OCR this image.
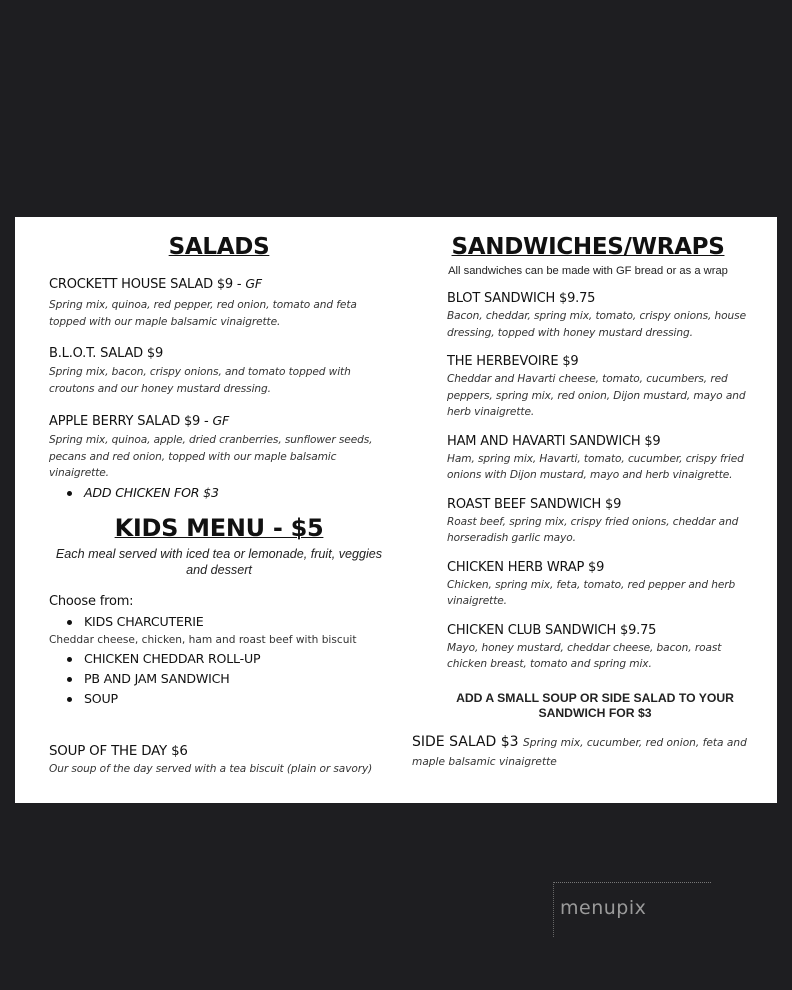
SALADS

CROCKETT HOUSE SALAD $9 - GF

Spring mix, quinoa, red pepper, red onion, tomato and feta topped with our maple balsamic vinaigrette.

B.L.O.T. SALAD $9

Spring mix, bacon, crispy onions, and tomato topped with croutons and our honey mustard dressing.

APPLE BERRY SALAD $9 - GF

Spring mix, quinoa, apple, dried cranberries, sunflower seeds, pecans and red onion, topped with our maple balsamic vinaigrette.

ADD CHICKEN FOR $3
KIDS MENU - $5

Each meal served with iced tea or lemonade, fruit, veggies and dessert

Choose from:

KIDS CHARCUTERIE

Cheddar cheese, chicken, ham and roast beef with biscuit

CHICKEN CHEDDAR ROLL-UP
PB AND JAM SANDWICH
SOUP

SOUP OF THE DAY $6

Our soup of the day served with a tea biscuit (plain or savory)

SANDWICHES/WRAPS

All sandwiches can be made with GF bread or as a wrap

BLOT SANDWICH $9.75

Bacon, cheddar, spring mix, tomato, crispy onions, house dressing, topped with honey mustard dressing.

THE HERBEVOIRE $9

Cheddar and Havarti cheese, tomato, cucumbers, red peppers, spring mix, red onion, Dijon mustard, mayo and herb vinaigrette.

HAM AND HAVARTI SANDWICH $9

Ham, spring mix, Havarti, tomato, cucumber, crispy fried onions with Dijon mustard, mayo and herb vinaigrette.

ROAST BEEF SANDWICH $9

Roast beef, spring mix, crispy fried onions, cheddar and horseradish garlic mayo.

CHICKEN HERB WRAP $9

Chicken, spring mix, feta, tomato, red pepper and herb vinaigrette.

CHICKEN CLUB SANDWICH $9.75

Mayo, honey mustard, cheddar cheese, bacon, roast chicken breast, tomato and spring mix.

ADD A SMALL SOUP OR SIDE SALAD TO YOUR SANDWICH FOR $3

SIDE SALAD $3 Spring mix, cucumber, red onion, feta and maple balsamic vinaigrette

menupix
